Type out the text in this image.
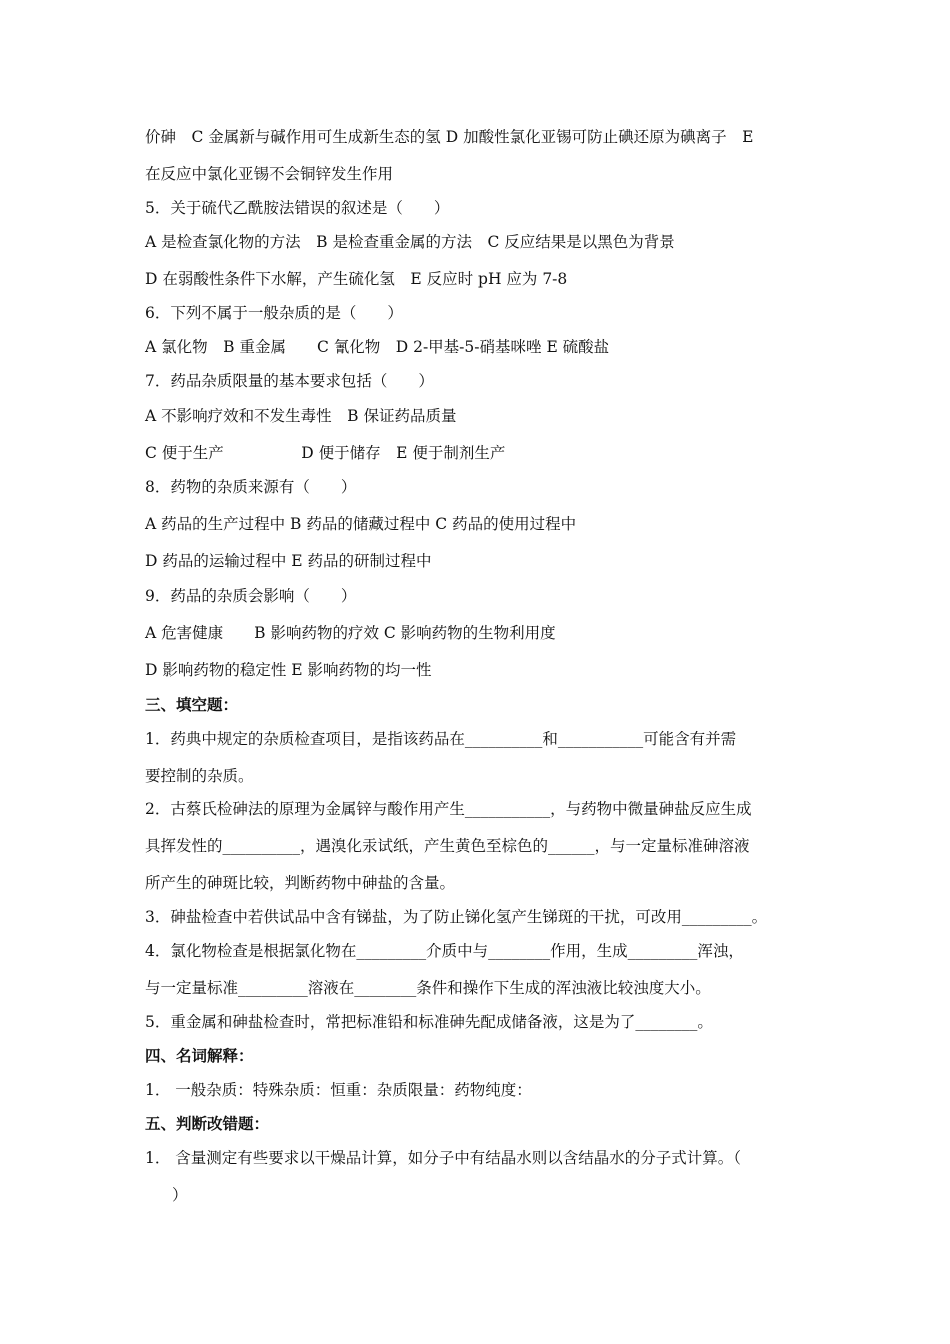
价砷　C 金属新与碱作用可生成新生态的氢 D 加酸性氯化亚锡可防止碘还原为碘离子　E
在反应中氯化亚锡不会铜锌发生作用
5．关于硫代乙酰胺法错误的叙述是（　　）
A 是检查氯化物的方法　B 是检查重金属的方法　C 反应结果是以黑色为背景
D 在弱酸性条件下水解，产生硫化氢　E 反应时 pH 应为 7-8
6．下列不属于一般杂质的是（　　）
A 氯化物　B 重金属　　C 氰化物　D 2-甲基-5-硝基咪唑 E 硫酸盐
7．药品杂质限量的基本要求包括（　　）
A 不影响疗效和不发生毒性　B 保证药品质量
C 便于生产　　　　　D 便于储存　E 便于制剂生产
8．药物的杂质来源有（　　）
A 药品的生产过程中 B 药品的储藏过程中 C 药品的使用过程中
D 药品的运输过程中 E 药品的研制过程中
9．药品的杂质会影响（　　）
A 危害健康　　B 影响药物的疗效 C 影响药物的生物利用度
D 影响药物的稳定性 E 影响药物的均一性
三、填空题：
1．药典中规定的杂质检查项目，是指该药品在__________和___________可能含有并需
要控制的杂质。
2．古蔡氏检砷法的原理为金属锌与酸作用产生___________，与药物中微量砷盐反应生成
具挥发性的__________，遇溴化汞试纸，产生黄色至棕色的______，与一定量标准砷溶液
所产生的砷斑比较，判断药物中砷盐的含量。
3．砷盐检查中若供试品中含有锑盐，为了防止锑化氢产生锑斑的干扰，可改用_________。
4．氯化物检查是根据氯化物在_________介质中与________作用，生成_________浑浊，
与一定量标准_________溶液在________条件和操作下生成的浑浊液比较浊度大小。
5．重金属和砷盐检查时，常把标准铅和标准砷先配成储备液，这是为了________。
四、名词解释：
1． 一般杂质：特殊杂质：恒重：杂质限量：药物纯度：
五、判断改错题：
1． 含量测定有些要求以干燥品计算，如分子中有结晶水则以含结晶水的分子式计算。（
）
